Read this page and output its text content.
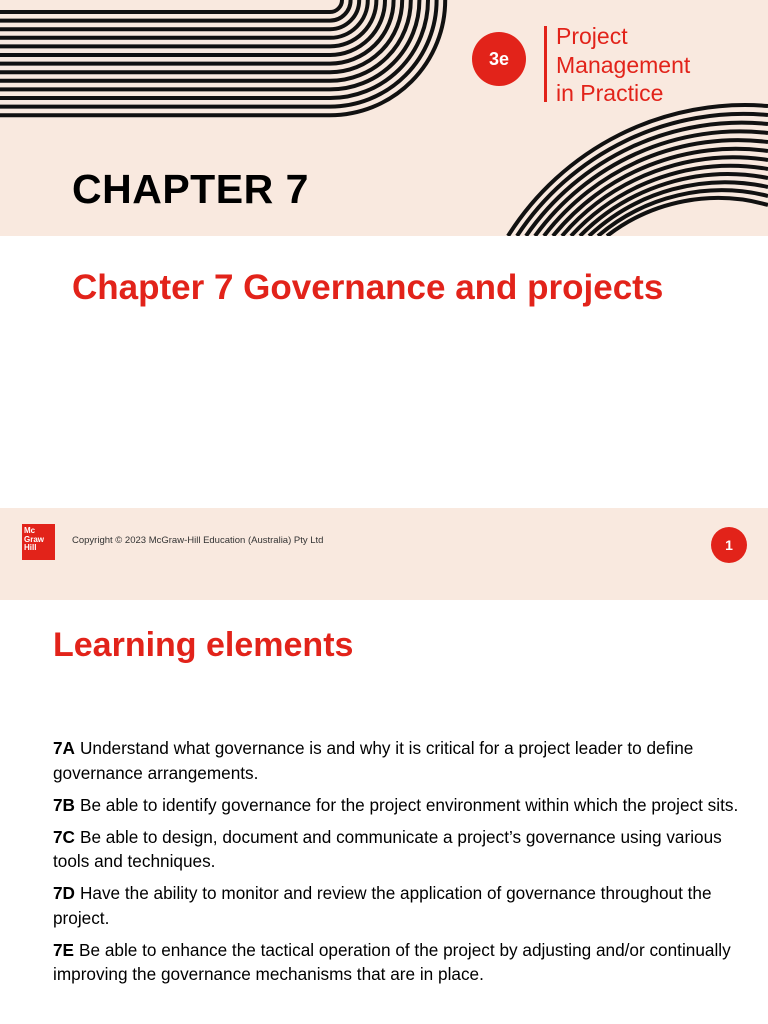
3e
Project
Management
in Practice
CHAPTER 7
Chapter 7 Governance and projects
Mc
Graw
Hill
Copyright © 2023 McGraw-Hill Education (Australia) Pty Ltd	1
Learning elements
7A Understand what governance is and why it is critical for a project leader to define governance arrangements.
7B Be able to identify governance for the project environment within which the project sits.
7C Be able to design, document and communicate a project’s governance using various tools and techniques.
7D Have the ability to monitor and review the application of governance throughout the project.
7E Be able to enhance the tactical operation of the project by adjusting and/or continually improving the governance mechanisms that are in place.
